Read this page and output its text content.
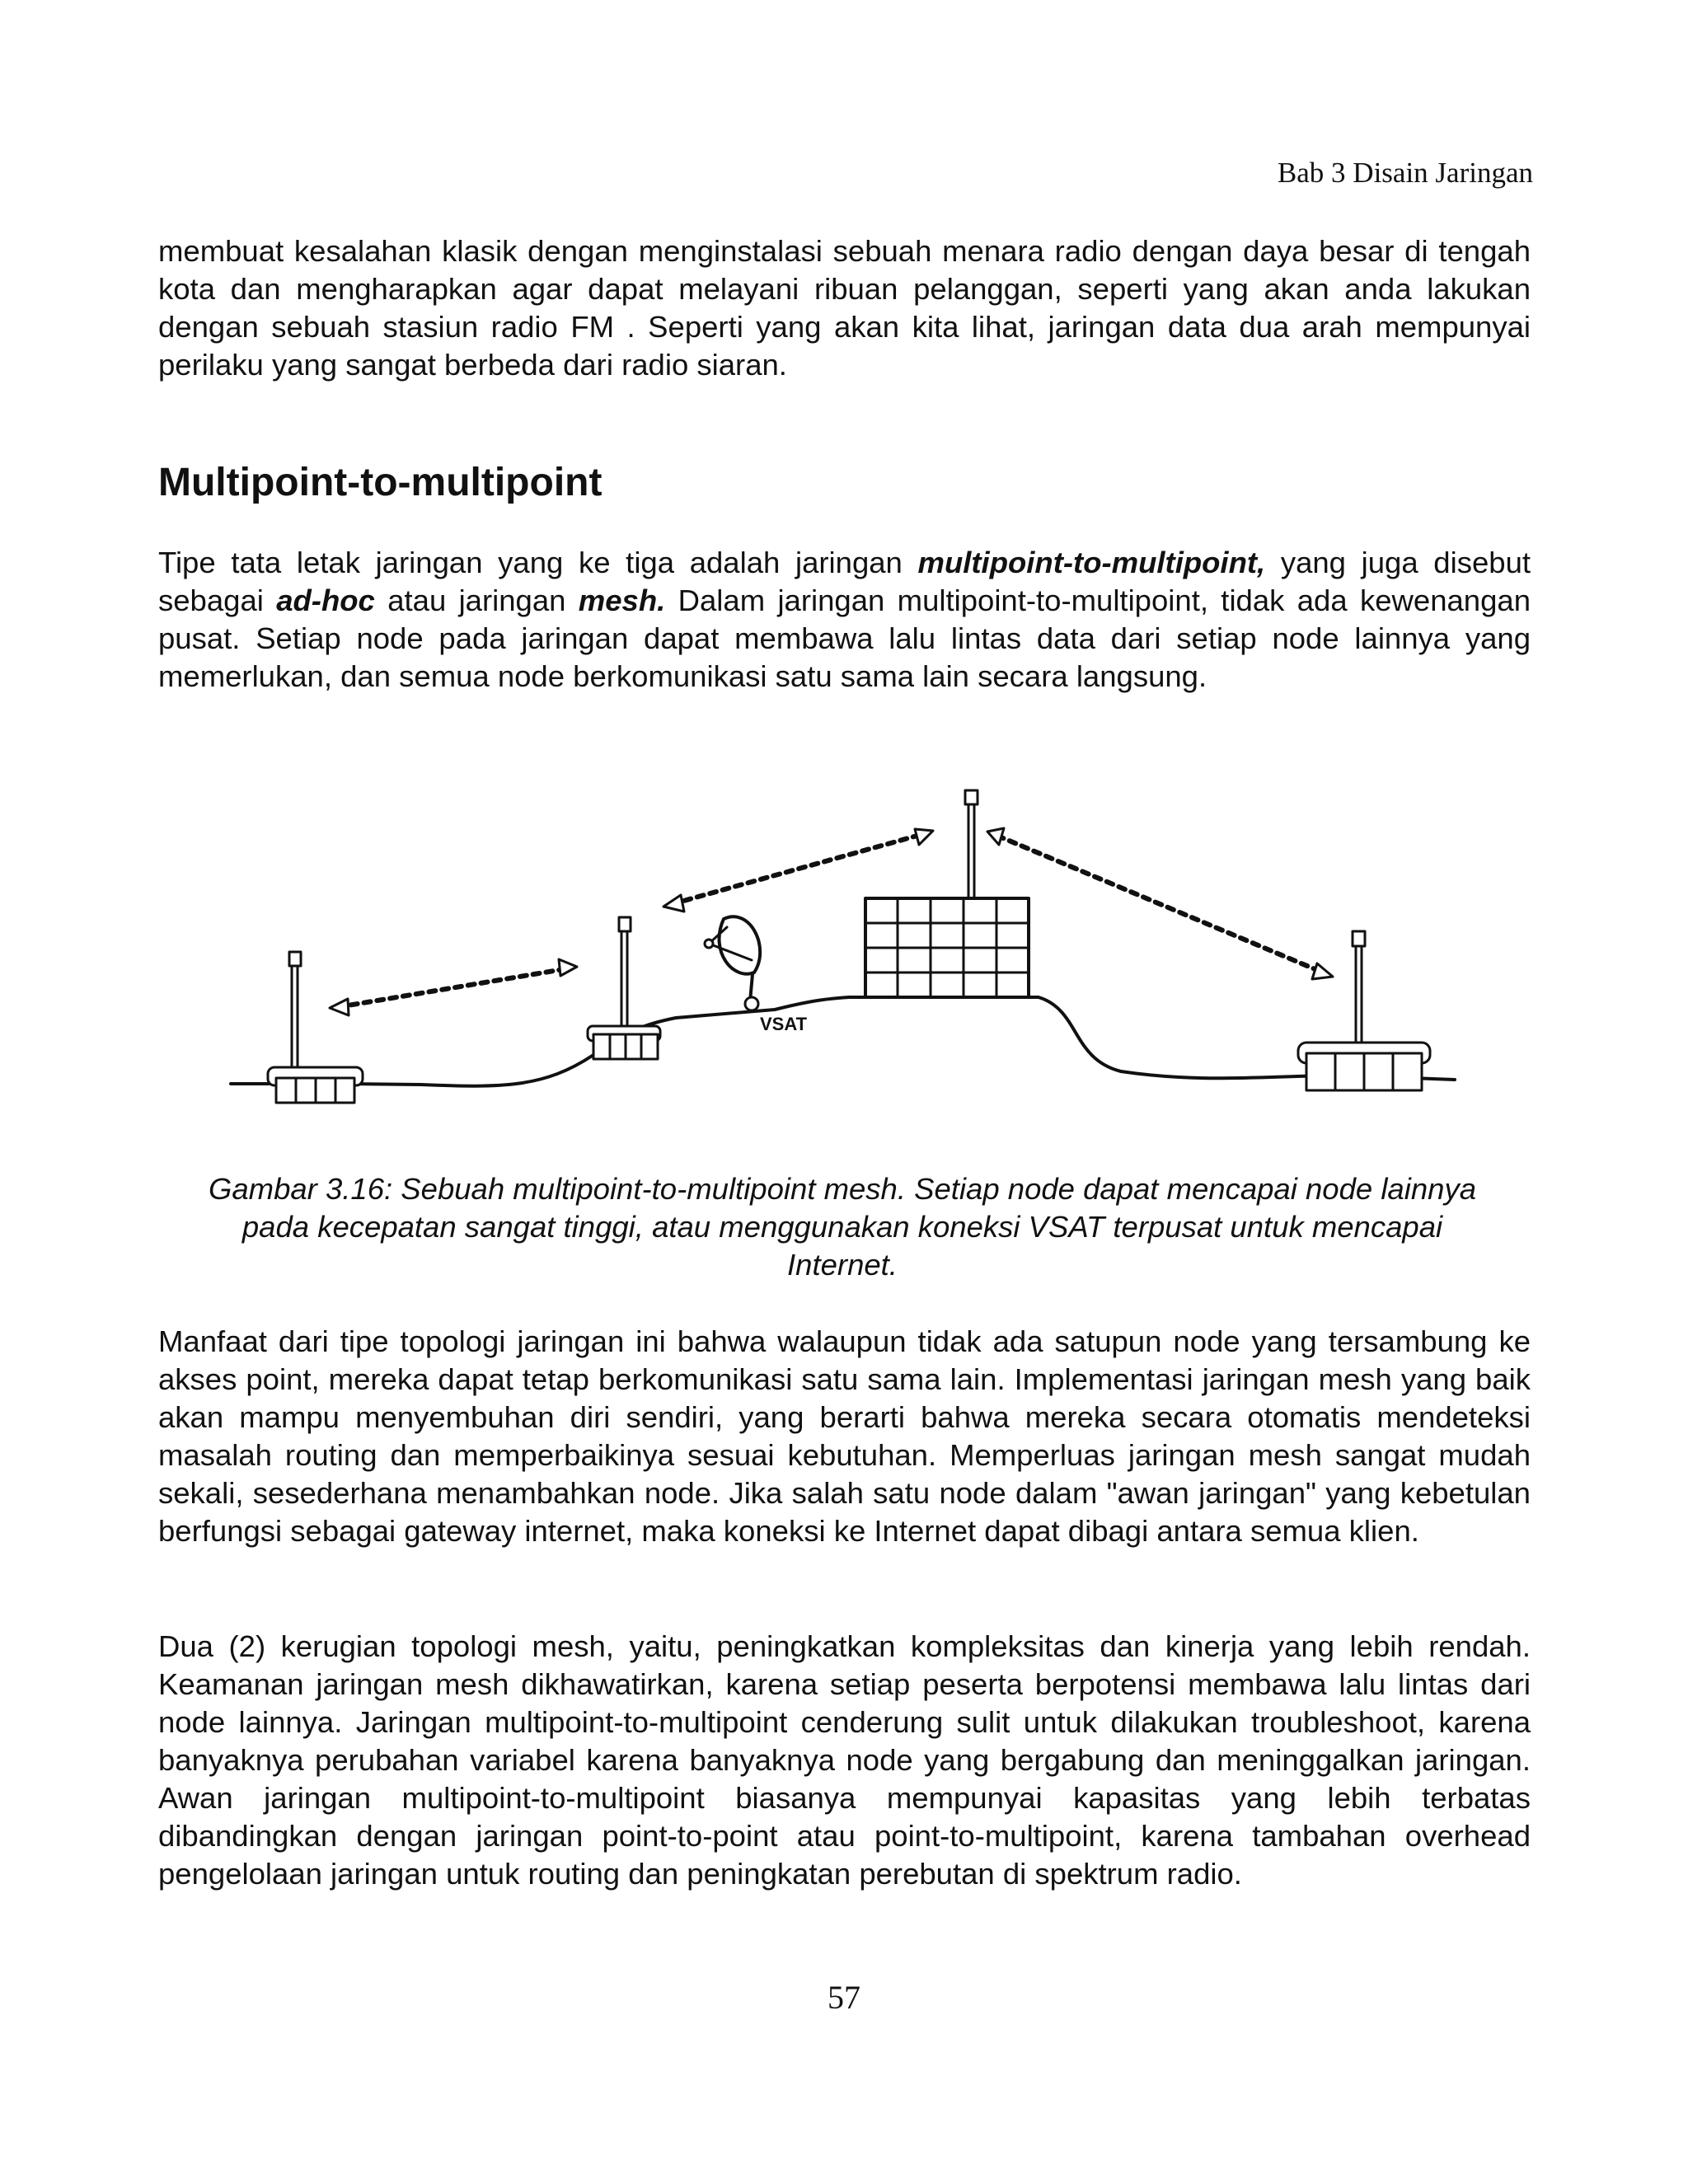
Bab 3 Disain Jaringan

membuat kesalahan klasik dengan menginstalasi sebuah menara radio dengan daya besar di tengah kota dan mengharapkan agar dapat melayani ribuan pelanggan, seperti yang akan anda lakukan dengan sebuah stasiun radio FM . Seperti yang akan kita lihat, jaringan data dua arah mempunyai perilaku yang sangat berbeda dari radio siaran.

Multipoint-to-multipoint

Tipe tata letak jaringan yang ke tiga adalah jaringan multipoint-to-multipoint, yang juga disebut sebagai ad-hoc atau jaringan mesh. Dalam jaringan multipoint-to-multipoint, tidak ada kewenangan pusat. Setiap node pada jaringan dapat membawa lalu lintas data dari setiap node lainnya yang memerlukan, dan semua node berkomunikasi satu sama lain secara langsung.

VSAT

Gambar 3.16: Sebuah multipoint-to-multipoint mesh. Setiap node dapat mencapai node lainnya pada kecepatan sangat tinggi, atau menggunakan koneksi VSAT terpusat untuk mencapai Internet.

Manfaat dari tipe topologi jaringan ini bahwa walaupun tidak ada satupun node yang tersambung ke akses point, mereka dapat tetap berkomunikasi satu sama lain. Implementasi jaringan mesh yang baik akan mampu menyembuhan diri sendiri, yang berarti bahwa mereka secara otomatis mendeteksi masalah routing dan memperbaikinya sesuai kebutuhan. Memperluas jaringan mesh sangat mudah sekali, sesederhana menambahkan node. Jika salah satu node dalam "awan jaringan" yang kebetulan berfungsi sebagai gateway internet, maka koneksi ke Internet dapat dibagi antara semua klien.

Dua (2) kerugian topologi mesh, yaitu, peningkatkan kompleksitas dan kinerja yang lebih rendah. Keamanan jaringan mesh dikhawatirkan, karena setiap peserta berpotensi membawa lalu lintas dari node lainnya. Jaringan multipoint-to-multipoint cenderung sulit untuk dilakukan troubleshoot, karena banyaknya perubahan variabel karena banyaknya node yang bergabung dan meninggalkan jaringan. Awan jaringan multipoint-to-multipoint biasanya mempunyai kapasitas yang lebih terbatas dibandingkan dengan jaringan point-to-point atau point-to-multipoint, karena tambahan overhead pengelolaan jaringan untuk routing dan peningkatan perebutan di spektrum radio.

57
